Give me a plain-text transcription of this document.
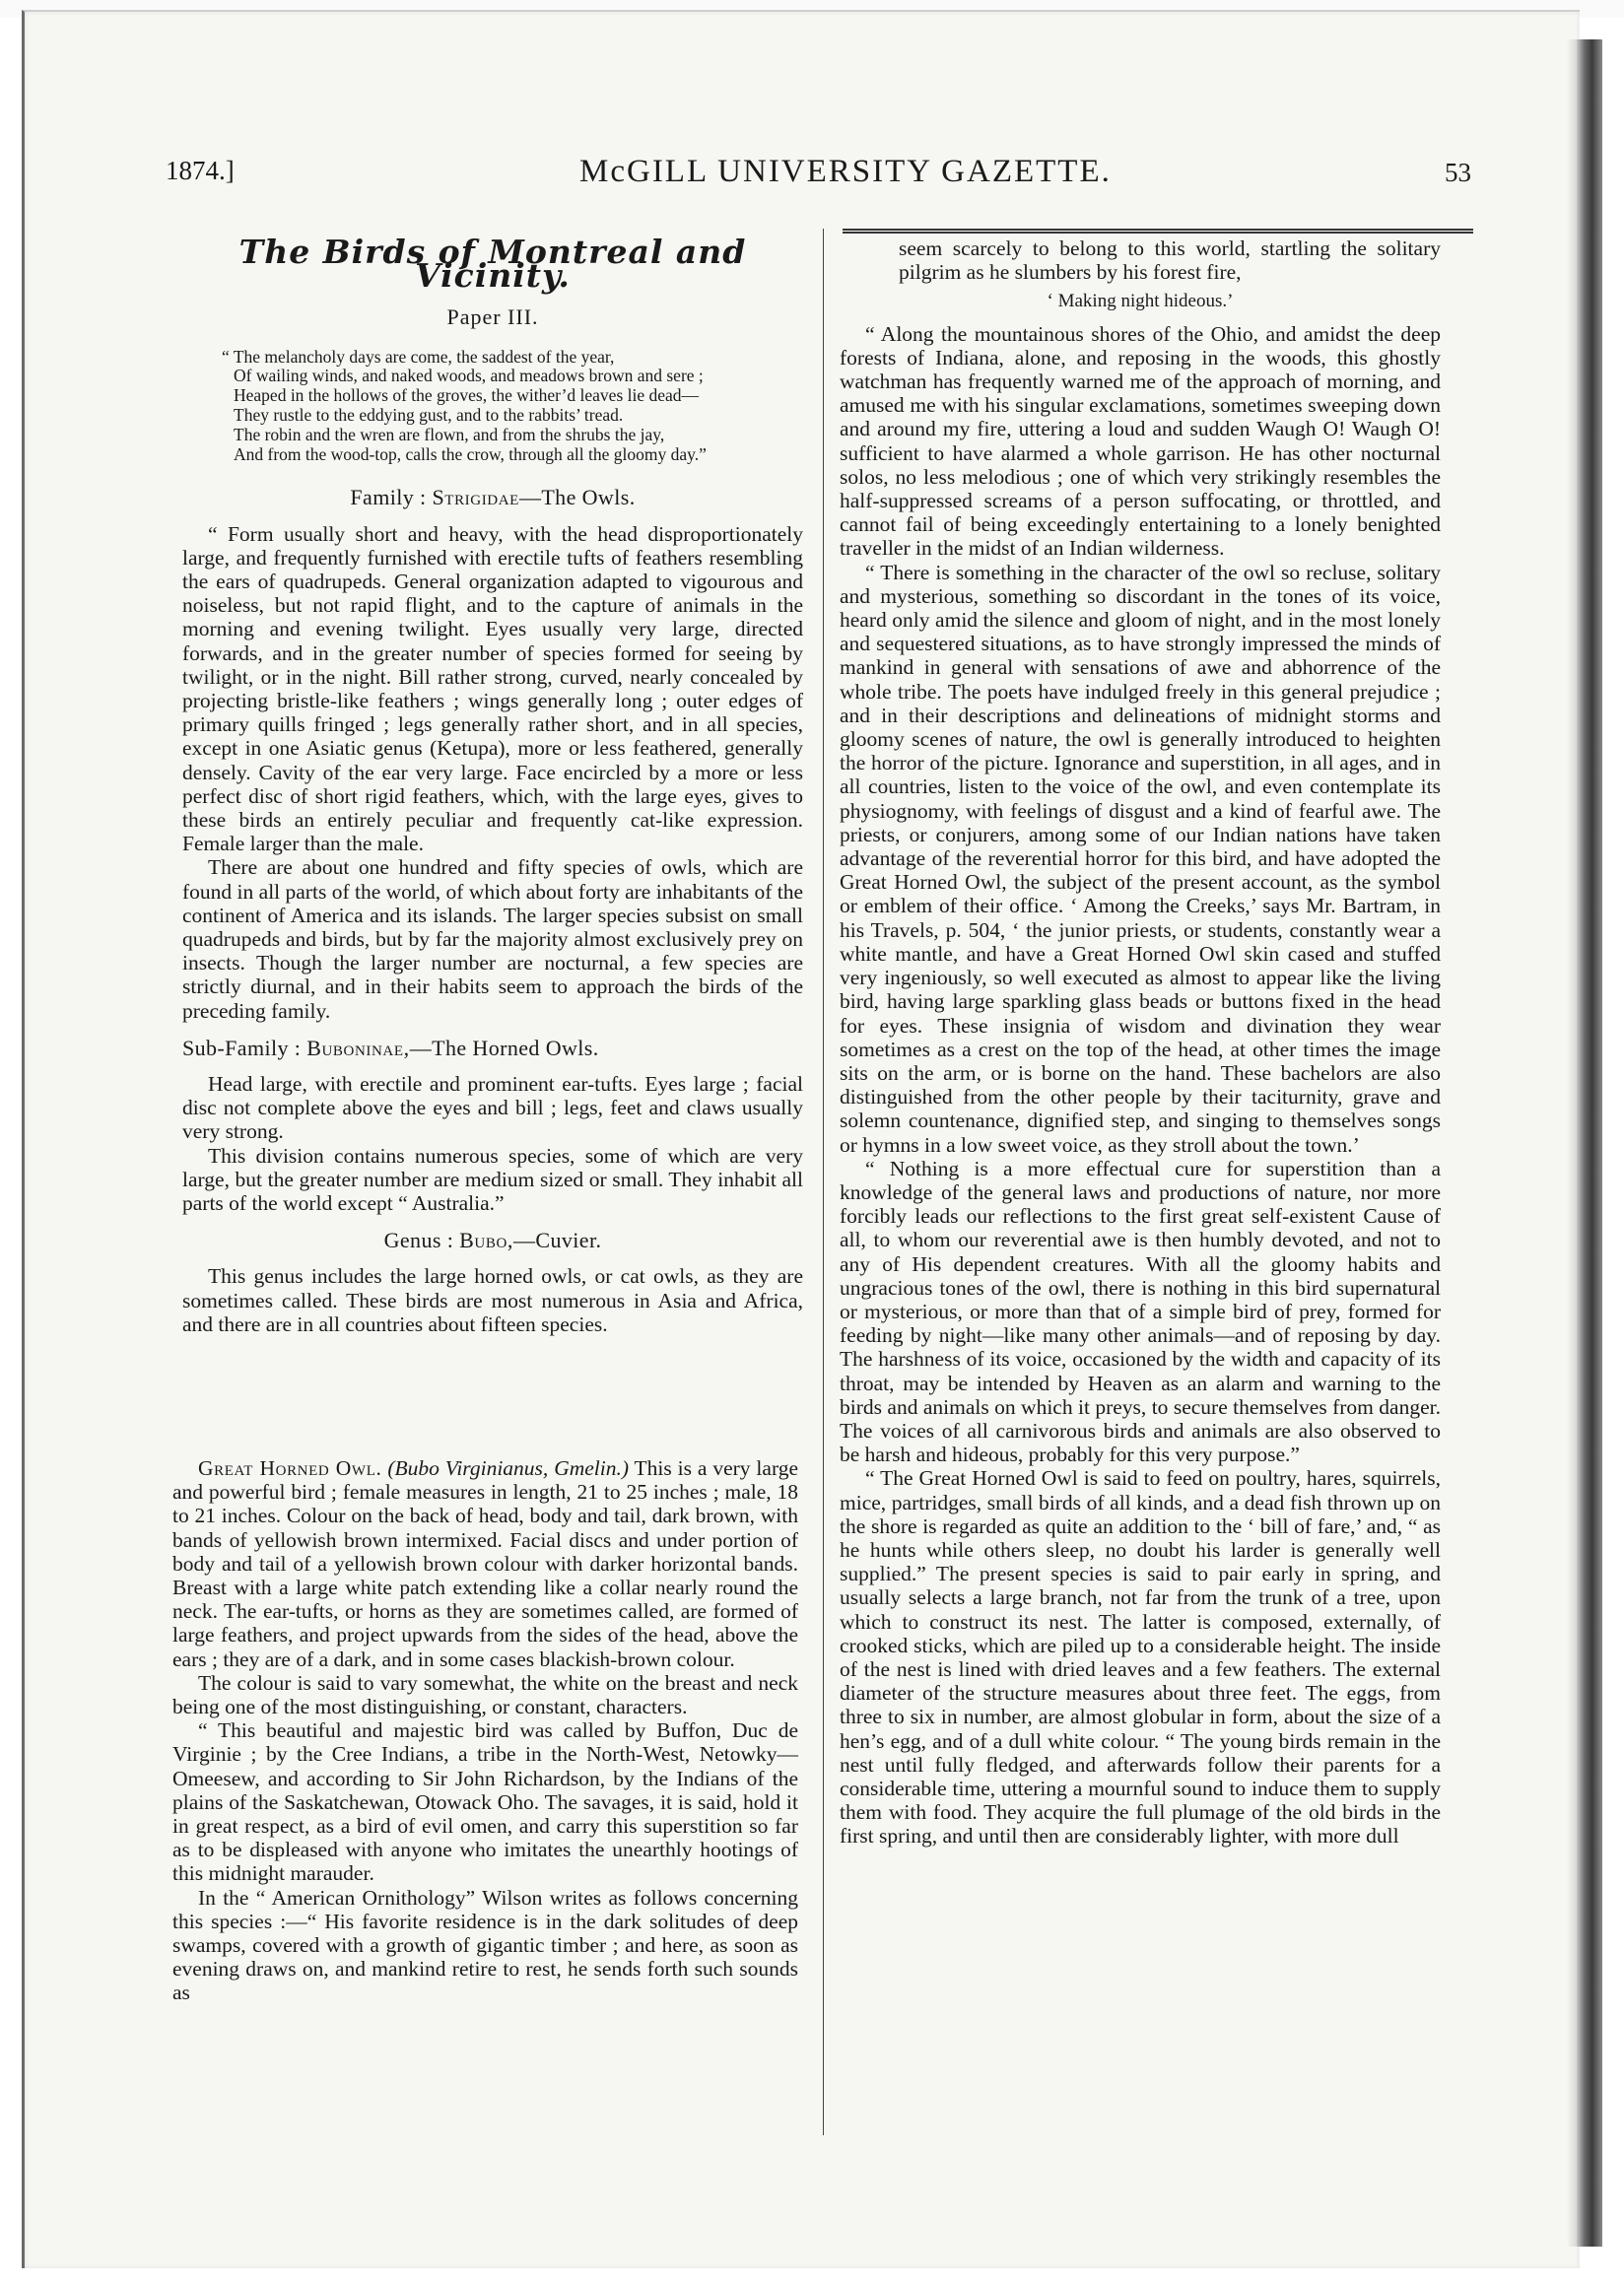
1874.]	McGILL UNIVERSITY GAZETTE.	53
The Birds of Montreal and Vicinity.
Paper III.
“ The melancholy days are come, the saddest of the year,
Of wailing winds, and naked woods, and meadows brown and sere ;
Heaped in the hollows of the groves, the wither’d leaves lie dead—
They rustle to the eddying gust, and to the rabbits’ tread.
The robin and the wren are flown, and from the shrubs the jay,
And from the wood-top, calls the crow, through all the gloomy day.”
Family : Strigidae—The Owls.

“ Form usually short and heavy, with the head disproportionately large, and frequently furnished with erectile tufts of feathers resembling the ears of quadrupeds. General organization adapted to vigourous and noiseless, but not rapid flight, and to the capture of animals in the morning and evening twilight. Eyes usually very large, directed forwards, and in the greater number of species formed for seeing by twilight, or in the night. Bill rather strong, curved, nearly concealed by projecting bristle-like feathers ; wings generally long ; outer edges of primary quills fringed ; legs generally rather short, and in all species, except in one Asiatic genus (Ketupa), more or less feathered, generally densely. Cavity of the ear very large. Face encircled by a more or less perfect disc of short rigid feathers, which, with the large eyes, gives to these birds an entirely peculiar and frequently cat-like expression. Female larger than the male.

There are about one hundred and fifty species of owls, which are found in all parts of the world, of which about forty are inhabitants of the continent of America and its islands. The larger species subsist on small quadrupeds and birds, but by far the majority almost exclusively prey on insects. Though the larger number are nocturnal, a few species are strictly diurnal, and in their habits seem to approach the birds of the preceding family.

Sub-Family : Buboninae,—The Horned Owls.

Head large, with erectile and prominent ear-tufts. Eyes large ; facial disc not complete above the eyes and bill ; legs, feet and claws usually very strong.

This division contains numerous species, some of which are very large, but the greater number are medium sized or small. They inhabit all parts of the world except “ Australia.”

Genus : Bubo,—Cuvier.

This genus includes the large horned owls, or cat owls, as they are sometimes called. These birds are most numerous in Asia and Africa, and there are in all countries about fifteen species.

Great Horned Owl. (Bubo Virginianus, Gmelin.) This is a very large and powerful bird ; female measures in length, 21 to 25 inches ; male, 18 to 21 inches. Colour on the back of head, body and tail, dark brown, with bands of yellowish brown intermixed. Facial discs and under portion of body and tail of a yellowish brown colour with darker horizontal bands. Breast with a large white patch extending like a collar nearly round the neck. The ear-tufts, or horns as they are sometimes called, are formed of large feathers, and project upwards from the sides of the head, above the ears ; they are of a dark, and in some cases blackish-brown colour.

The colour is said to vary somewhat, the white on the breast and neck being one of the most distinguishing, or constant, characters.

“ This beautiful and majestic bird was called by Buffon, Duc de Virginie ; by the Cree Indians, a tribe in the North-West, Netowky—Omeesew, and according to Sir John Richardson, by the Indians of the plains of the Saskatchewan, Otowack Oho. The savages, it is said, hold it in great respect, as a bird of evil omen, and carry this superstition so far as to be displeased with anyone who imitates the unearthly hootings of this midnight marauder.

In the “ American Ornithology” Wilson writes as follows concerning this species :—“ His favorite residence is in the dark solitudes of deep swamps, covered with a growth of gigantic timber ; and here, as soon as evening draws on, and mankind retire to rest, he sends forth such sounds as

seem scarcely to belong to this world, startling the solitary pilgrim as he slumbers by his forest fire,

‘ Making night hideous.’

“ Along the mountainous shores of the Ohio, and amidst the deep forests of Indiana, alone, and reposing in the woods, this ghostly watchman has frequently warned me of the approach of morning, and amused me with his singular exclamations, sometimes sweeping down and around my fire, uttering a loud and sudden Waugh O! Waugh O! sufficient to have alarmed a whole garrison. He has other nocturnal solos, no less melodious ; one of which very strikingly resembles the half-suppressed screams of a person suffocating, or throttled, and cannot fail of being exceedingly entertaining to a lonely benighted traveller in the midst of an Indian wilderness.

“ There is something in the character of the owl so recluse, solitary and mysterious, something so discordant in the tones of its voice, heard only amid the silence and gloom of night, and in the most lonely and sequestered situations, as to have strongly impressed the minds of mankind in general with sensations of awe and abhorrence of the whole tribe. The poets have indulged freely in this general prejudice ; and in their descriptions and delineations of midnight storms and gloomy scenes of nature, the owl is generally introduced to heighten the horror of the picture. Ignorance and superstition, in all ages, and in all countries, listen to the voice of the owl, and even contemplate its physiognomy, with feelings of disgust and a kind of fearful awe. The priests, or conjurers, among some of our Indian nations have taken advantage of the reverential horror for this bird, and have adopted the Great Horned Owl, the subject of the present account, as the symbol or emblem of their office. ‘ Among the Creeks,’ says Mr. Bartram, in his Travels, p. 504, ‘ the junior priests, or students, constantly wear a white mantle, and have a Great Horned Owl skin cased and stuffed very ingeniously, so well executed as almost to appear like the living bird, having large sparkling glass beads or buttons fixed in the head for eyes. These insignia of wisdom and divination they wear sometimes as a crest on the top of the head, at other times the image sits on the arm, or is borne on the hand. These bachelors are also distinguished from the other people by their taciturnity, grave and solemn countenance, dignified step, and singing to themselves songs or hymns in a low sweet voice, as they stroll about the town.’

“ Nothing is a more effectual cure for superstition than a knowledge of the general laws and productions of nature, nor more forcibly leads our reflections to the first great self-existent Cause of all, to whom our reverential awe is then humbly devoted, and not to any of His dependent creatures. With all the gloomy habits and ungracious tones of the owl, there is nothing in this bird supernatural or mysterious, or more than that of a simple bird of prey, formed for feeding by night—like many other animals—and of reposing by day. The harshness of its voice, occasioned by the width and capacity of its throat, may be intended by Heaven as an alarm and warning to the birds and animals on which it preys, to secure themselves from danger. The voices of all carnivorous birds and animals are also observed to be harsh and hideous, probably for this very purpose.”

“ The Great Horned Owl is said to feed on poultry, hares, squirrels, mice, partridges, small birds of all kinds, and a dead fish thrown up on the shore is regarded as quite an addition to the ‘ bill of fare,’ and, “ as he hunts while others sleep, no doubt his larder is generally well supplied.” The present species is said to pair early in spring, and usually selects a large branch, not far from the trunk of a tree, upon which to construct its nest. The latter is composed, externally, of crooked sticks, which are piled up to a considerable height. The inside of the nest is lined with dried leaves and a few feathers. The external diameter of the structure measures about three feet. The eggs, from three to six in number, are almost globular in form, about the size of a hen’s egg, and of a dull white colour. “ The young birds remain in the nest until fully fledged, and afterwards follow their parents for a considerable time, uttering a mournful sound to induce them to supply them with food. They acquire the full plumage of the old birds in the first spring, and until then are considerably lighter, with more dull
